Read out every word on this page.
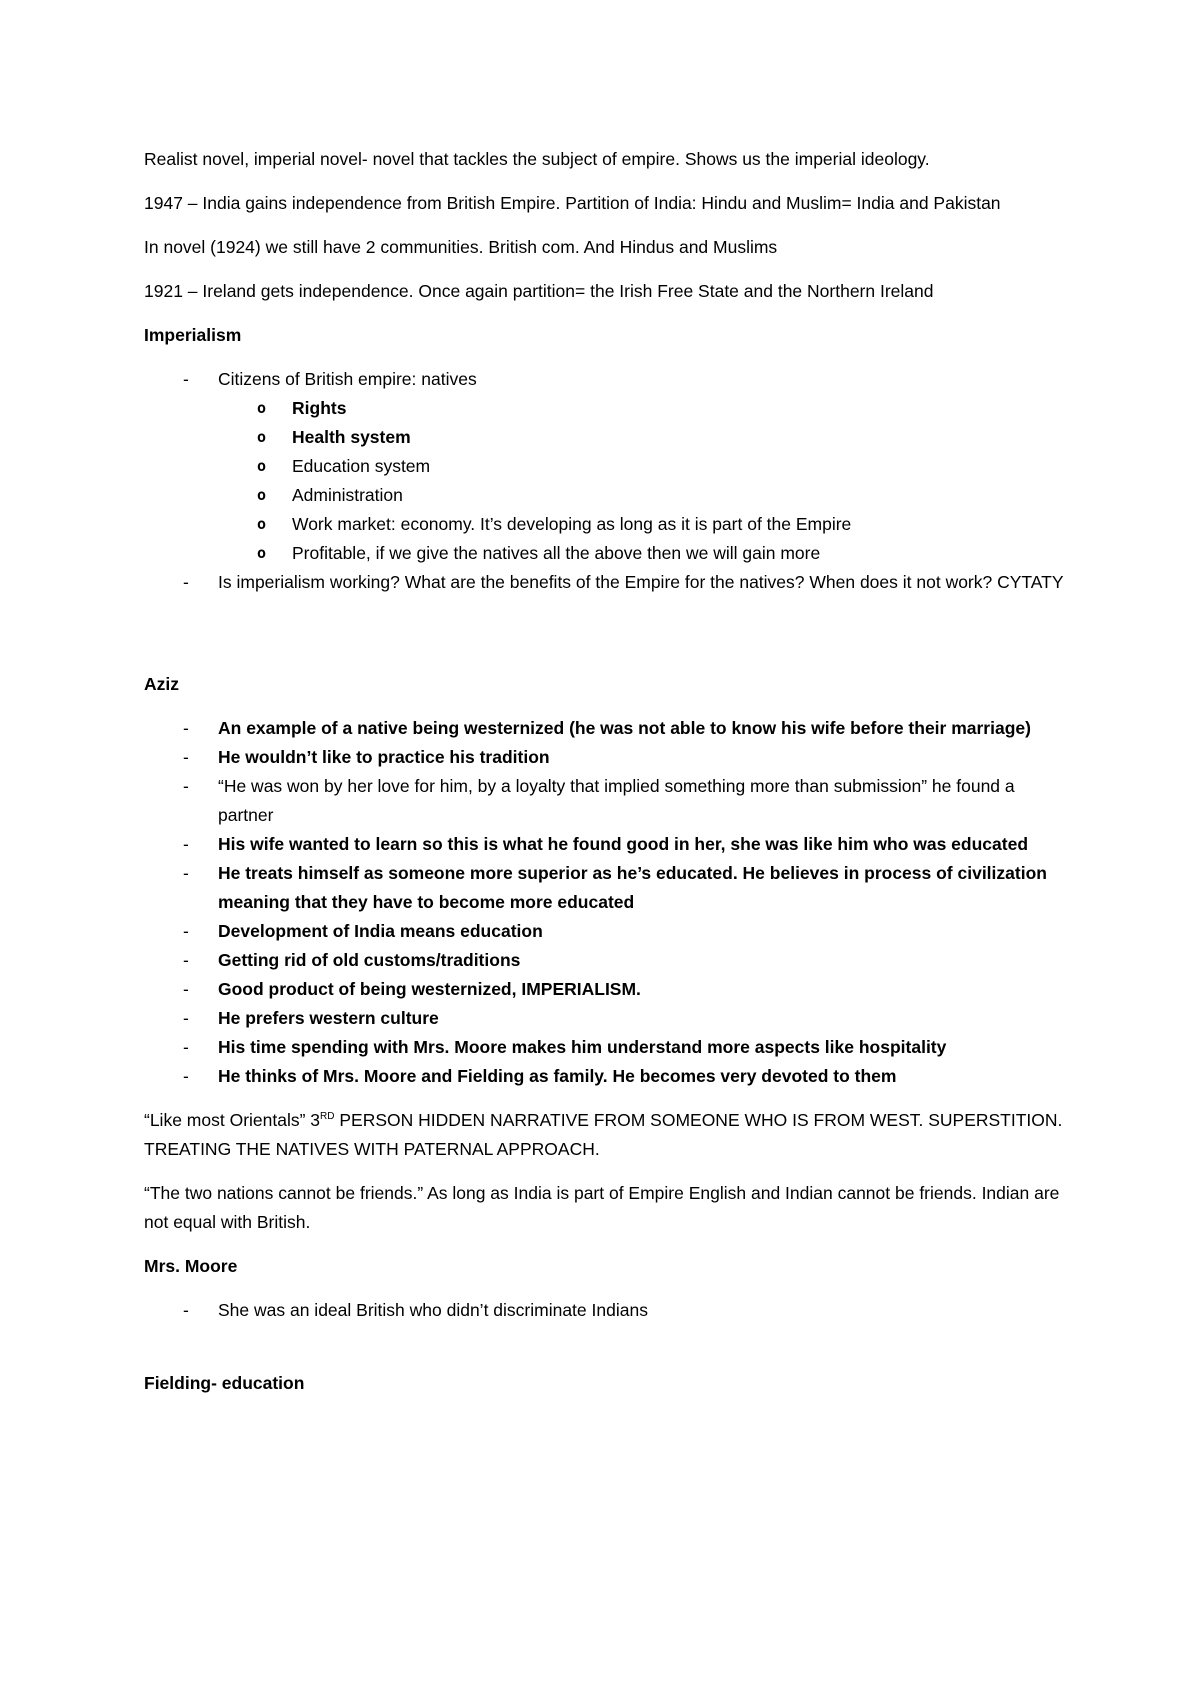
Realist novel, imperial novel- novel that tackles the subject of empire. Shows us the imperial ideology.

1947 – India gains independence from British Empire. Partition of India: Hindu and Muslim= India and Pakistan

In novel (1924) we still have 2 communities. British com. And Hindus and Muslims

1921 – Ireland gets independence. Once again partition= the Irish Free State and the Northern Ireland

Imperialism

- Citizens of British empire: natives
o Rights
o Health system
o Education system
o Administration
o Work market: economy. It’s developing as long as it is part of the Empire
o Profitable, if we give the natives all the above then we will gain more
- Is imperialism working? What are the benefits of the Empire for the natives? When does it not work? CYTATY

Aziz

- An example of a native being westernized (he was not able to know his wife before their marriage)
- He wouldn’t like to practice his tradition
- “He was won by her love for him, by a loyalty that implied something more than submission” he found a partner
- His wife wanted to learn so this is what he found good in her, she was like him who was educated
- He treats himself as someone more superior as he’s educated. He believes in process of civilization meaning that they have to become more educated
- Development of India means education
- Getting rid of old customs/traditions
- Good product of being westernized, IMPERIALISM.
- He prefers western culture
- His time spending with Mrs. Moore makes him understand more aspects like hospitality
- He thinks of Mrs. Moore and Fielding as family. He becomes very devoted to them

“Like most Orientals” 3RD PERSON HIDDEN NARRATIVE FROM SOMEONE WHO IS FROM WEST. SUPERSTITION. TREATING THE NATIVES WITH PATERNAL APPROACH.

“The two nations cannot be friends.” As long as India is part of Empire English and Indian cannot be friends. Indian are not equal with British.

Mrs. Moore

- She was an ideal British who didn’t discriminate Indians

Fielding- education
